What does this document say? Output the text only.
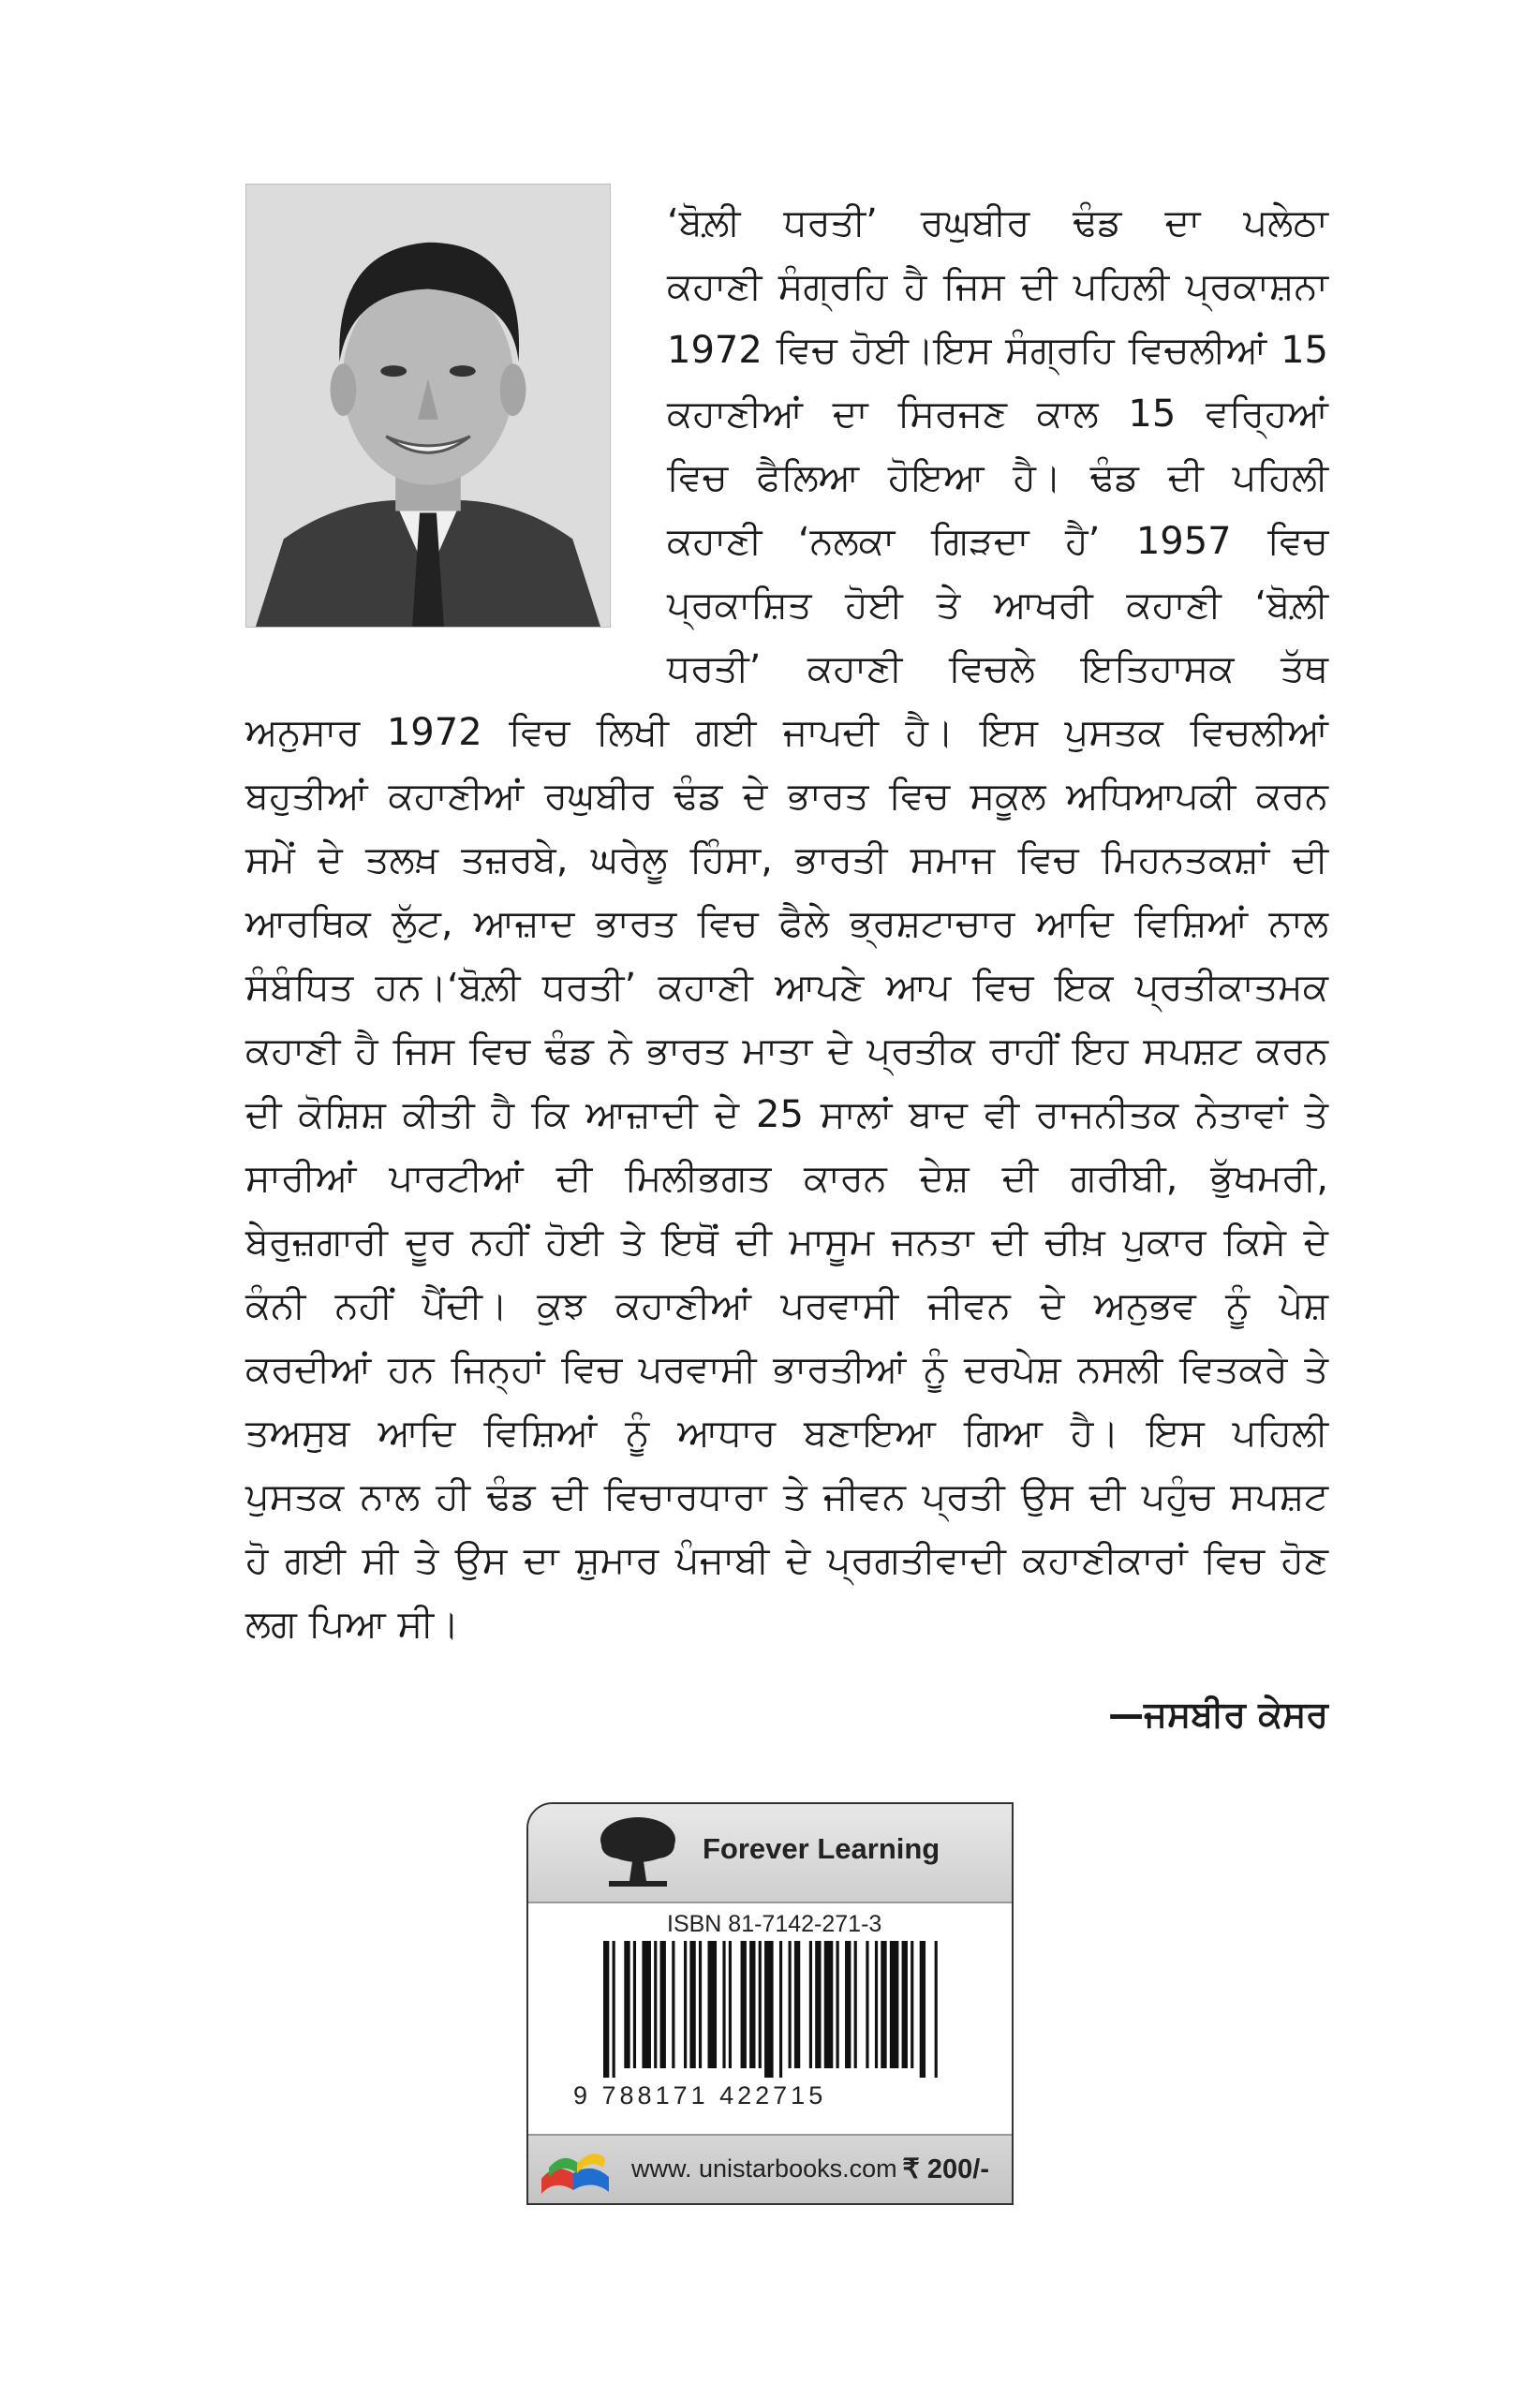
‘ਬੋਲ਼ੀ ਧਰਤੀ’ ਰਘੁਬੀਰ ਢੰਡ ਦਾ ਪਲੇਠਾ
ਕਹਾਣੀ ਸੰਗ੍ਰਹਿ ਹੈ ਜਿਸ ਦੀ ਪਹਿਲੀ ਪ੍ਰਕਾਸ਼ਨਾ
1972 ਵਿਚ ਹੋਈ।ਇਸ ਸੰਗ੍ਰਹਿ ਵਿਚਲੀਆਂ 15
ਕਹਾਣੀਆਂ ਦਾ ਸਿਰਜਣ ਕਾਲ 15 ਵਰ੍ਹਿਆਂ
ਵਿਚ ਫੈਲਿਆ ਹੋਇਆ ਹੈ। ਢੰਡ ਦੀ ਪਹਿਲੀ
ਕਹਾਣੀ ‘ਨਲਕਾ ਗਿੜਦਾ ਹੈ’ 1957 ਵਿਚ
ਪ੍ਰਕਾਸ਼ਿਤ ਹੋਈ ਤੇ ਆਖਰੀ ਕਹਾਣੀ ‘ਬੋਲ਼ੀ
ਧਰਤੀ’ ਕਹਾਣੀ ਵਿਚਲੇ ਇਤਿਹਾਸਕ ਤੱਥ
ਅਨੁਸਾਰ 1972 ਵਿਚ ਲਿਖੀ ਗਈ ਜਾਪਦੀ ਹੈ। ਇਸ ਪੁਸਤਕ ਵਿਚਲੀਆਂ
ਬਹੁਤੀਆਂ ਕਹਾਣੀਆਂ ਰਘੁਬੀਰ ਢੰਡ ਦੇ ਭਾਰਤ ਵਿਚ ਸਕੂਲ ਅਧਿਆਪਕੀ ਕਰਨ
ਸਮੇਂ ਦੇ ਤਲਖ਼ ਤਜ਼ਰਬੇ, ਘਰੇਲੂ ਹਿੰਸਾ, ਭਾਰਤੀ ਸਮਾਜ ਵਿਚ ਮਿਹਨਤਕਸ਼ਾਂ ਦੀ
ਆਰਥਿਕ ਲੁੱਟ, ਆਜ਼ਾਦ ਭਾਰਤ ਵਿਚ ਫੈਲੇ ਭ੍ਰਸ਼ਟਾਚਾਰ ਆਦਿ ਵਿਸ਼ਿਆਂ ਨਾਲ
ਸੰਬੰਧਿਤ ਹਨ।‘ਬੋਲ਼ੀ ਧਰਤੀ’ ਕਹਾਣੀ ਆਪਣੇ ਆਪ ਵਿਚ ਇਕ ਪ੍ਰਤੀਕਾਤਮਕ
ਕਹਾਣੀ ਹੈ ਜਿਸ ਵਿਚ ਢੰਡ ਨੇ ਭਾਰਤ ਮਾਤਾ ਦੇ ਪ੍ਰਤੀਕ ਰਾਹੀਂ ਇਹ ਸਪਸ਼ਟ ਕਰਨ
ਦੀ ਕੋਸ਼ਿਸ਼ ਕੀਤੀ ਹੈ ਕਿ ਆਜ਼ਾਦੀ ਦੇ 25 ਸਾਲਾਂ ਬਾਦ ਵੀ ਰਾਜਨੀਤਕ ਨੇਤਾਵਾਂ ਤੇ
ਸਾਰੀਆਂ ਪਾਰਟੀਆਂ ਦੀ ਮਿਲੀਭਗਤ ਕਾਰਨ ਦੇਸ਼ ਦੀ ਗਰੀਬੀ, ਭੁੱਖਮਰੀ,
ਬੇਰੁਜ਼ਗਾਰੀ ਦੂਰ ਨਹੀਂ ਹੋਈ ਤੇ ਇਥੋਂ ਦੀ ਮਾਸੂਮ ਜਨਤਾ ਦੀ ਚੀਖ਼ ਪੁਕਾਰ ਕਿਸੇ ਦੇ
ਕੰਨੀ ਨਹੀਂ ਪੈਂਦੀ। ਕੁਝ ਕਹਾਣੀਆਂ ਪਰਵਾਸੀ ਜੀਵਨ ਦੇ ਅਨੁਭਵ ਨੂੰ ਪੇਸ਼
ਕਰਦੀਆਂ ਹਨ ਜਿਨ੍ਹਾਂ ਵਿਚ ਪਰਵਾਸੀ ਭਾਰਤੀਆਂ ਨੂੰ ਦਰਪੇਸ਼ ਨਸਲੀ ਵਿਤਕਰੇ ਤੇ
ਤਅਸੁਬ ਆਦਿ ਵਿਸ਼ਿਆਂ ਨੂੰ ਆਧਾਰ ਬਣਾਇਆ ਗਿਆ ਹੈ। ਇਸ ਪਹਿਲੀ
ਪੁਸਤਕ ਨਾਲ ਹੀ ਢੰਡ ਦੀ ਵਿਚਾਰਧਾਰਾ ਤੇ ਜੀਵਨ ਪ੍ਰਤੀ ਉਸ ਦੀ ਪਹੁੰਚ ਸਪਸ਼ਟ
ਹੋ ਗਈ ਸੀ ਤੇ ਉਸ ਦਾ ਸ਼ੁਮਾਰ ਪੰਜਾਬੀ ਦੇ ਪ੍ਰਗਤੀਵਾਦੀ ਕਹਾਣੀਕਾਰਾਂ ਵਿਚ ਹੋਣ
ਲਗ ਪਿਆ ਸੀ।
—ਜਸਬੀਰ ਕੇਸਰ
Forever Learning
ISBN 81-7142-271-3
9 788171 422715
www. unistarbooks.com ₹ 200/-
